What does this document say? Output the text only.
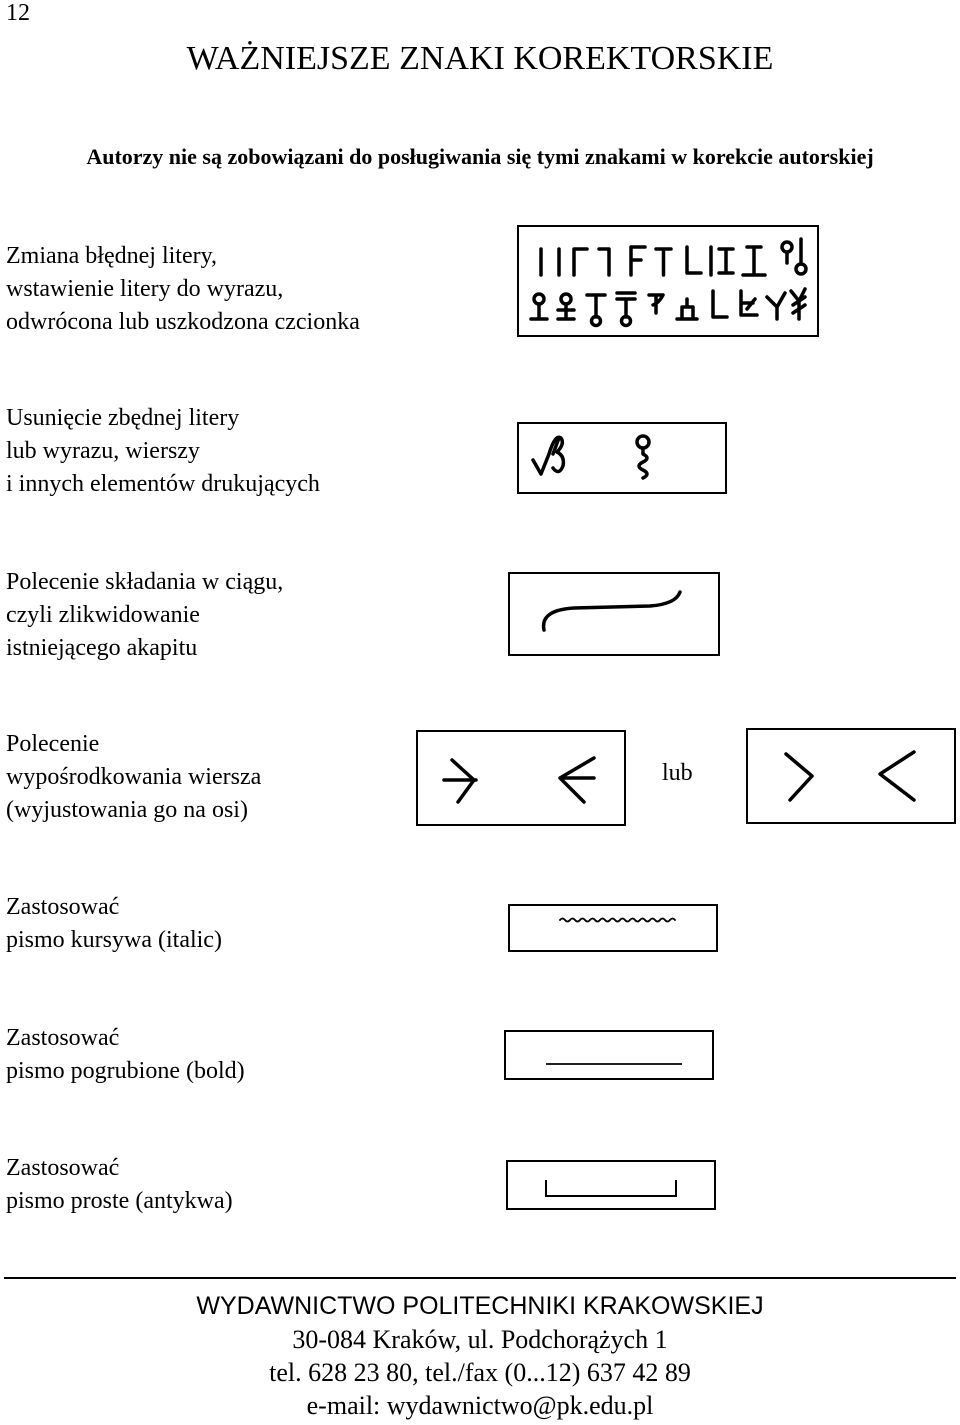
12
WAŻNIEJSZE ZNAKI KOREKTORSKIE
Autorzy nie są zobowiązani do posługiwania się tymi znakami w korekcie autorskiej
Zmiana błędnej litery,
wstawienie litery do wyrazu,
odwrócona lub uszkodzona czcionka
Usunięcie zbędnej litery
lub wyrazu, wierszy
i innych elementów drukujących
Polecenie składania w ciągu,
czyli zlikwidowanie
istniejącego akapitu
Polecenie
wypośrodkowania wiersza
(wyjustowania go na osi)
lub
Zastosować
pismo kursywa (italic)
Zastosować
pismo pogrubione (bold)
Zastosować
pismo proste (antykwa)
WYDAWNICTWO POLITECHNIKI KRAKOWSKIEJ
30-084 Kraków, ul. Podchorążych 1
tel. 628 23 80, tel./fax (0...12) 637 42 89
e-mail: wydawnictwo@pk.edu.pl
